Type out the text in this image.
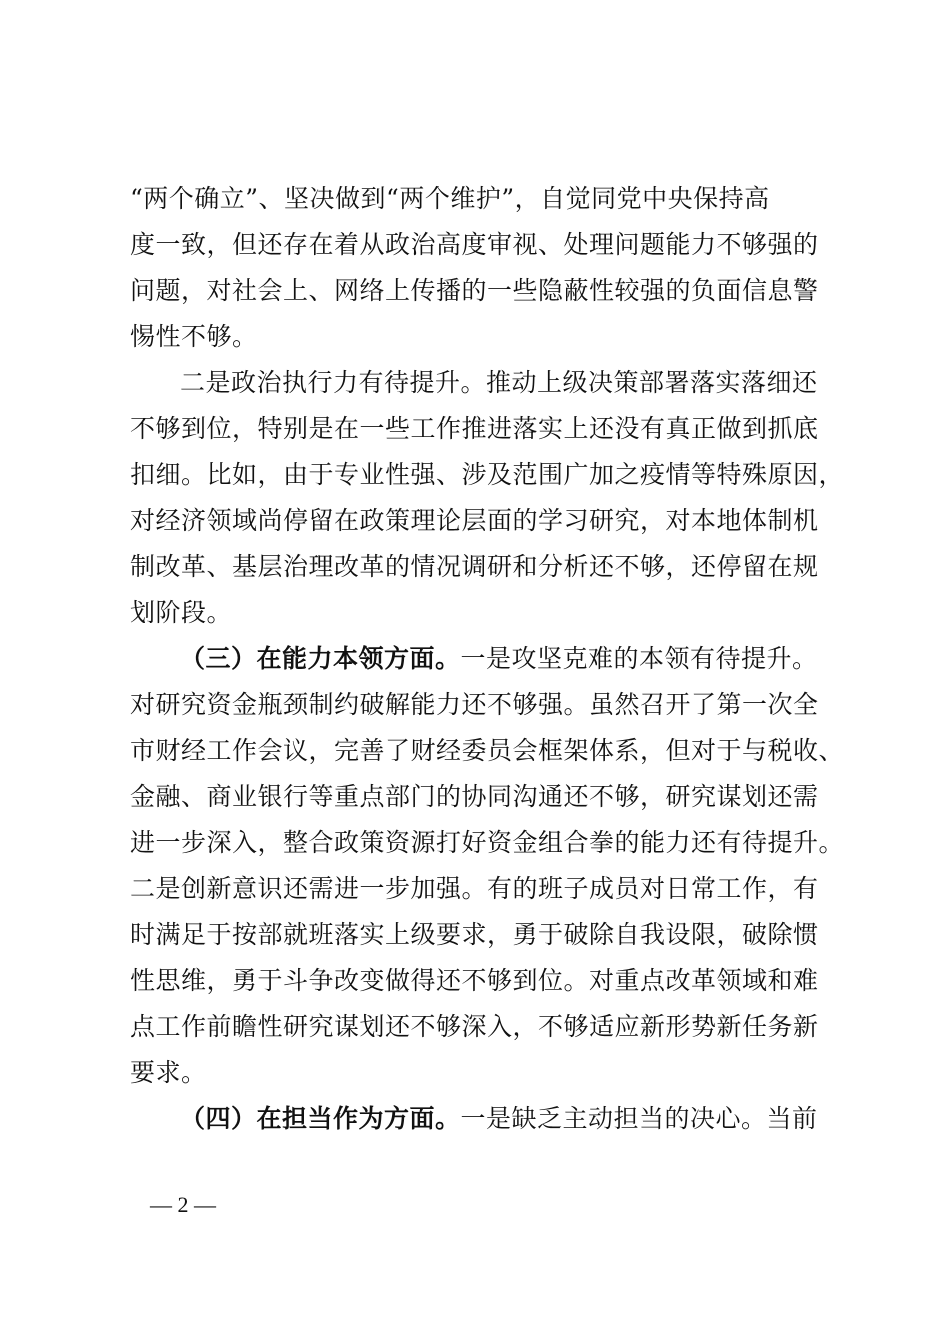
“两个确立”、坚决做到“两个维护”，自觉同党中央保持高
度一致，但还存在着从政治高度审视、处理问题能力不够强的
问题，对社会上、网络上传播的一些隐蔽性较强的负面信息警
惕性不够。
二是政治执行力有待提升。推动上级决策部署落实落细还
不够到位，特别是在一些工作推进落实上还没有真正做到抓底
扣细。比如，由于专业性强、涉及范围广加之疫情等特殊原因，
对经济领域尚停留在政策理论层面的学习研究，对本地体制机
制改革、基层治理改革的情况调研和分析还不够，还停留在规
划阶段。
（三）在能力本领方面。一是攻坚克难的本领有待提升。
对研究资金瓶颈制约破解能力还不够强。虽然召开了第一次全
市财经工作会议，完善了财经委员会框架体系，但对于与税收、
金融、商业银行等重点部门的协同沟通还不够，研究谋划还需
进一步深入，整合政策资源打好资金组合拳的能力还有待提升。
二是创新意识还需进一步加强。有的班子成员对日常工作，有
时满足于按部就班落实上级要求，勇于破除自我设限，破除惯
性思维，勇于斗争改变做得还不够到位。对重点改革领域和难
点工作前瞻性研究谋划还不够深入，不够适应新形势新任务新
要求。
（四）在担当作为方面。一是缺乏主动担当的决心。当前
— 2 —
